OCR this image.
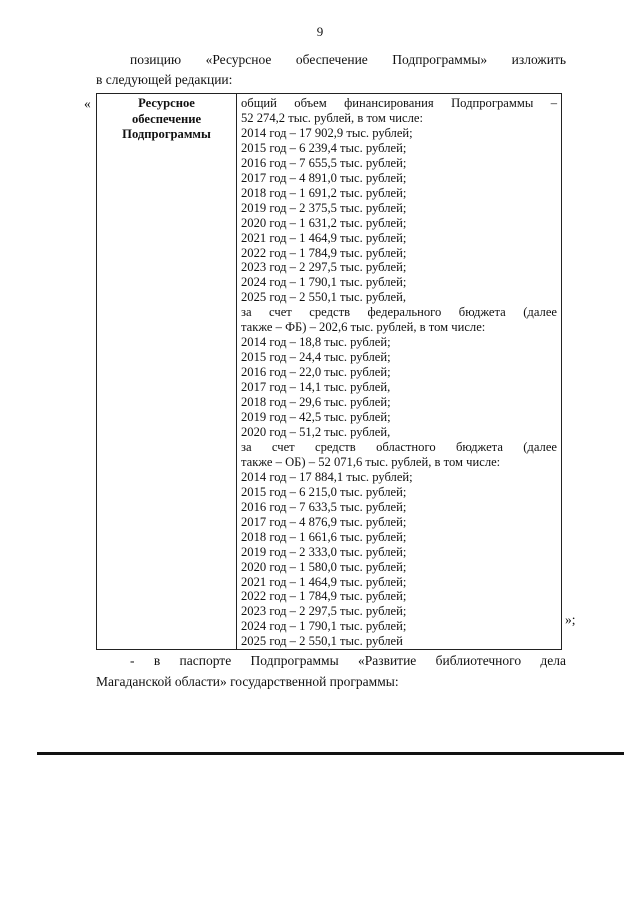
9
позицию «Ресурсное обеспечение Подпрограммы» изложить
в следующей редакции:
«	Ресурсное
обеспечение
Подпрограммы

общий объем финансирования Подпрограммы –
52 274,2 тыс. рублей, в том числе:
2014 год – 17 902,9 тыс. рублей;
2015 год – 6 239,4 тыс. рублей;
2016 год – 7 655,5 тыс. рублей;
2017 год – 4 891,0 тыс. рублей;
2018 год – 1 691,2 тыс. рублей;
2019 год – 2 375,5 тыс. рублей;
2020 год – 1 631,2 тыс. рублей;
2021 год – 1 464,9 тыс. рублей;
2022 год – 1 784,9 тыс. рублей;
2023 год – 2 297,5 тыс. рублей;
2024 год – 1 790,1 тыс. рублей;
2025 год – 2 550,1 тыс. рублей,
за счет средств федерального бюджета (далее
также – ФБ) – 202,6 тыс. рублей, в том числе:
2014 год – 18,8 тыс. рублей;
2015 год – 24,4 тыс. рублей;
2016 год – 22,0 тыс. рублей;
2017 год – 14,1 тыс. рублей,
2018 год – 29,6 тыс. рублей;
2019 год – 42,5 тыс. рублей;
2020 год – 51,2 тыс. рублей,
за счет средств областного бюджета (далее
также – ОБ) – 52 071,6 тыс. рублей, в том числе:
2014 год – 17 884,1 тыс. рублей;
2015 год – 6 215,0 тыс. рублей;
2016 год – 7 633,5 тыс. рублей;
2017 год – 4 876,9 тыс. рублей;
2018 год – 1 661,6 тыс. рублей;
2019 год – 2 333,0 тыс. рублей;
2020 год – 1 580,0 тыс. рублей;
2021 год – 1 464,9 тыс. рублей;
2022 год – 1 784,9 тыс. рублей;
2023 год – 2 297,5 тыс. рублей;
2024 год – 1 790,1 тыс. рублей;
2025 год – 2 550,1 тыс. рублей
»;
- в паспорте Подпрограммы «Развитие библиотечного дела
Магаданской области» государственной программы:
